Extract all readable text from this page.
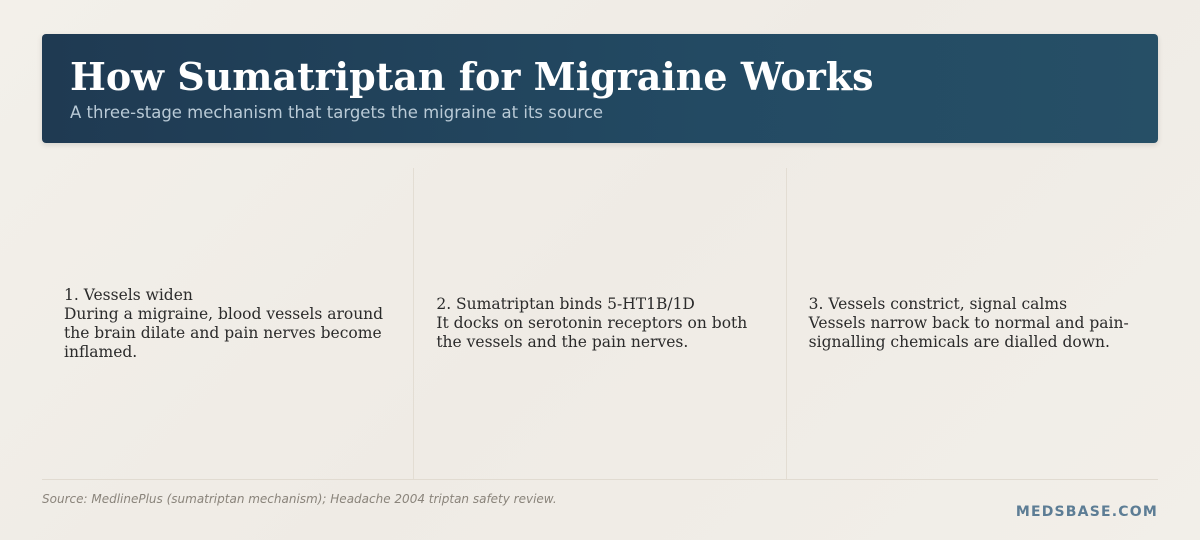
How Sumatriptan for Migraine Works
A three-stage mechanism that targets the migraine at its source
1. Vessels widen
During a migraine, blood vessels around the brain dilate and pain nerves become inflamed.
2. Sumatriptan binds 5-HT1B/1D
It docks on serotonin receptors on both the vessels and the pain nerves.
3. Vessels constrict, signal calms
Vessels narrow back to normal and pain-signalling chemicals are dialled down.
Source: MedlinePlus (sumatriptan mechanism); Headache 2004 triptan safety review.
MEDSBASE.COM
